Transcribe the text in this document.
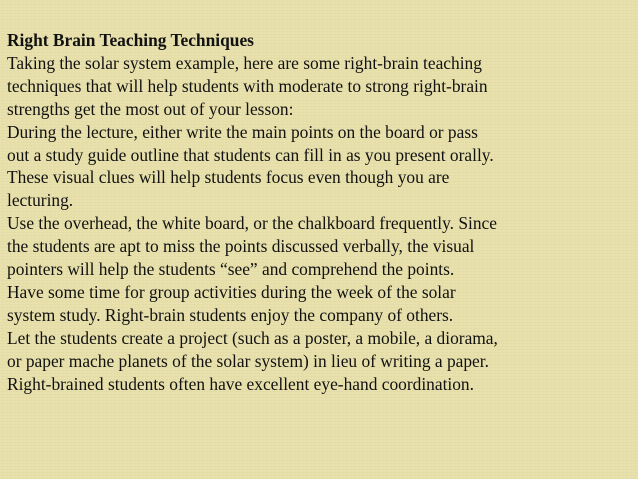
Right Brain Teaching Techniques
Taking the solar system example, here are some right-brain teaching
techniques that will help students with moderate to strong right-brain
strengths get the most out of your lesson:
During the lecture, either write the main points on the board or pass
out a study guide outline that students can fill in as you present orally.
These visual clues will help students focus even though you are
lecturing.
Use the overhead, the white board, or the chalkboard frequently. Since
the students are apt to miss the points discussed verbally, the visual
pointers will help the students “see” and comprehend the points.
Have some time for group activities during the week of the solar
system study. Right-brain students enjoy the company of others.
Let the students create a project (such as a poster, a mobile, a diorama,
or paper mache planets of the solar system) in lieu of writing a paper.
Right-brained students often have excellent eye-hand coordination.
